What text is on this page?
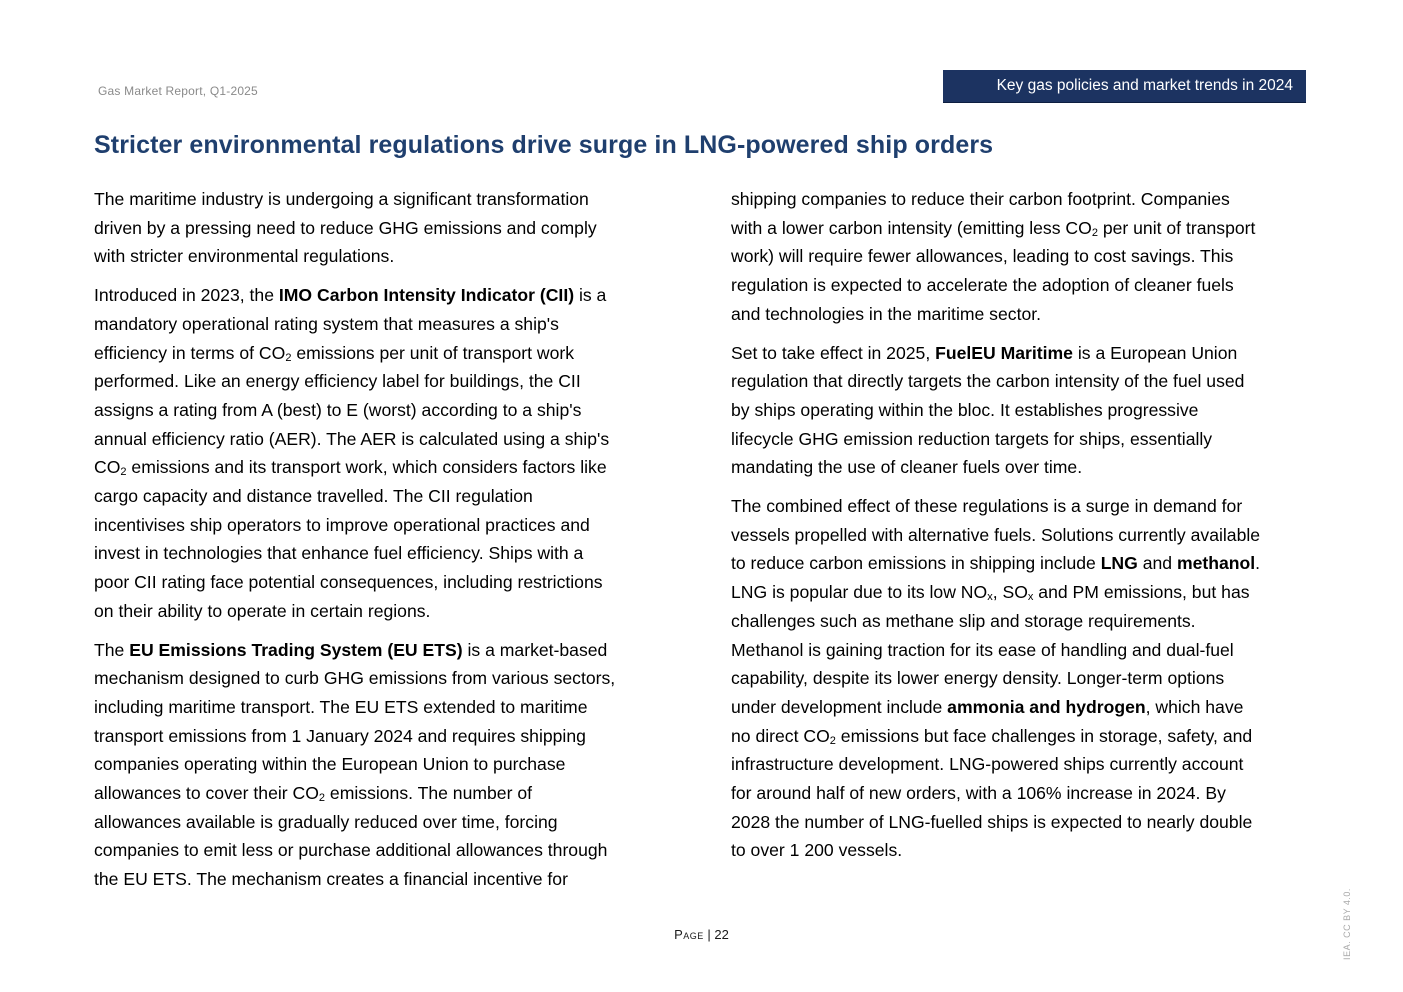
Gas Market Report, Q1-2025	Key gas policies and market trends in 2024
Stricter environmental regulations drive surge in LNG-powered ship orders
The maritime industry is undergoing a significant transformation
driven by a pressing need to reduce GHG emissions and comply
with stricter environmental regulations.
Introduced in 2023, the IMO Carbon Intensity Indicator (CII) is a
mandatory operational rating system that measures a ship's
efficiency in terms of CO2 emissions per unit of transport work
performed. Like an energy efficiency label for buildings, the CII
assigns a rating from A (best) to E (worst) according to a ship's
annual efficiency ratio (AER). The AER is calculated using a ship's
CO2 emissions and its transport work, which considers factors like
cargo capacity and distance travelled. The CII regulation
incentivises ship operators to improve operational practices and
invest in technologies that enhance fuel efficiency. Ships with a
poor CII rating face potential consequences, including restrictions
on their ability to operate in certain regions.
The EU Emissions Trading System (EU ETS) is a market-based
mechanism designed to curb GHG emissions from various sectors,
including maritime transport. The EU ETS extended to maritime
transport emissions from 1 January 2024 and requires shipping
companies operating within the European Union to purchase
allowances to cover their CO2 emissions. The number of
allowances available is gradually reduced over time, forcing
companies to emit less or purchase additional allowances through
the EU ETS. The mechanism creates a financial incentive for
shipping companies to reduce their carbon footprint. Companies
with a lower carbon intensity (emitting less CO2 per unit of transport
work) will require fewer allowances, leading to cost savings. This
regulation is expected to accelerate the adoption of cleaner fuels
and technologies in the maritime sector.
Set to take effect in 2025, FuelEU Maritime is a European Union
regulation that directly targets the carbon intensity of the fuel used
by ships operating within the bloc. It establishes progressive
lifecycle GHG emission reduction targets for ships, essentially
mandating the use of cleaner fuels over time.
The combined effect of these regulations is a surge in demand for
vessels propelled with alternative fuels. Solutions currently available
to reduce carbon emissions in shipping include LNG and methanol.
LNG is popular due to its low NOx, SOx and PM emissions, but has
challenges such as methane slip and storage requirements.
Methanol is gaining traction for its ease of handling and dual-fuel
capability, despite its lower energy density. Longer-term options
under development include ammonia and hydrogen, which have
no direct CO2 emissions but face challenges in storage, safety, and
infrastructure development. LNG-powered ships currently account
for around half of new orders, with a 106% increase in 2024. By
2028 the number of LNG-fuelled ships is expected to nearly double
to over 1 200 vessels.
Page | 22	IEA. CC BY 4.0.
